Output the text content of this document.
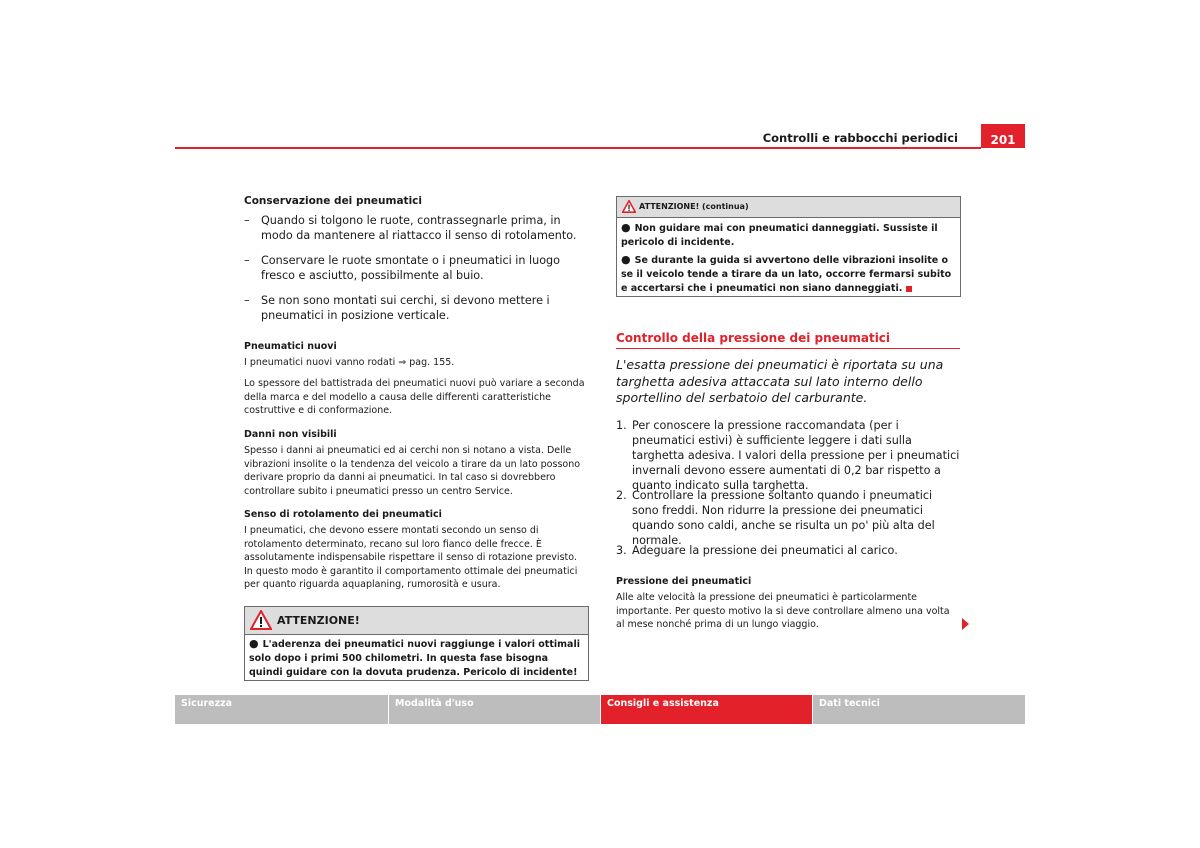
Controlli e rabbocchi periodici	201
Conservazione dei pneumatici
– Quando si tolgono le ruote, contrassegnarle prima, in modo da mantenere al riattacco il senso di rotolamento.
– Conservare le ruote smontate o i pneumatici in luogo fresco e asciutto, possibilmente al buio.
– Se non sono montati sui cerchi, si devono mettere i pneumatici in posizione verticale.
Pneumatici nuovi
I pneumatici nuovi vanno rodati ⇒ pag. 155.
Lo spessore del battistrada dei pneumatici nuovi può variare a seconda della marca e del modello a causa delle differenti caratteristiche costruttive e di conformazione.
Danni non visibili
Spesso i danni ai pneumatici ed ai cerchi non si notano a vista. Delle vibrazioni insolite o la tendenza del veicolo a tirare da un lato possono derivare proprio da danni ai pneumatici. In tal caso si dovrebbero controllare subito i pneumatici presso un centro Service.
Senso di rotolamento dei pneumatici
I pneumatici, che devono essere montati secondo un senso di rotolamento determinato, recano sul loro fianco delle frecce. È assolutamente indispensabile rispettare il senso di rotazione previsto. In questo modo è garantito il comportamento ottimale dei pneumatici per quanto riguarda aquaplaning, rumorosità e usura.
ATTENZIONE!

● L'aderenza dei pneumatici nuovi raggiunge i valori ottimali solo dopo i primi 500 chilometri. In questa fase bisogna quindi guidare con la dovuta prudenza. Pericolo di incidente!

ATTENZIONE! (continua)

● Non guidare mai con pneumatici danneggiati. Sussiste il pericolo di incidente.

● Se durante la guida si avvertono delle vibrazioni insolite o se il veicolo tende a tirare da un lato, occorre fermarsi subito e accertarsi che i pneumatici non siano danneggiati.

Controllo della pressione dei pneumatici
L'esatta pressione dei pneumatici è riportata su una targhetta adesiva attaccata sul lato interno dello sportellino del serbatoio del carburante.
1. Per conoscere la pressione raccomandata (per i pneumatici estivi) è sufficiente leggere i dati sulla targhetta adesiva. I valori della pressione per i pneumatici invernali devono essere aumentati di 0,2 bar rispetto a quanto indicato sulla targhetta.
2. Controllare la pressione soltanto quando i pneumatici sono freddi. Non ridurre la pressione dei pneumatici quando sono caldi, anche se risulta un po' più alta del normale.
3. Adeguare la pressione dei pneumatici al carico.
Pressione dei pneumatici
Alle alte velocità la pressione dei pneumatici è particolarmente importante. Per questo motivo la si deve controllare almeno una volta al mese nonché prima di un lungo viaggio.
Sicurezza	Modalità d'uso	Consigli e assistenza	Dati tecnici
